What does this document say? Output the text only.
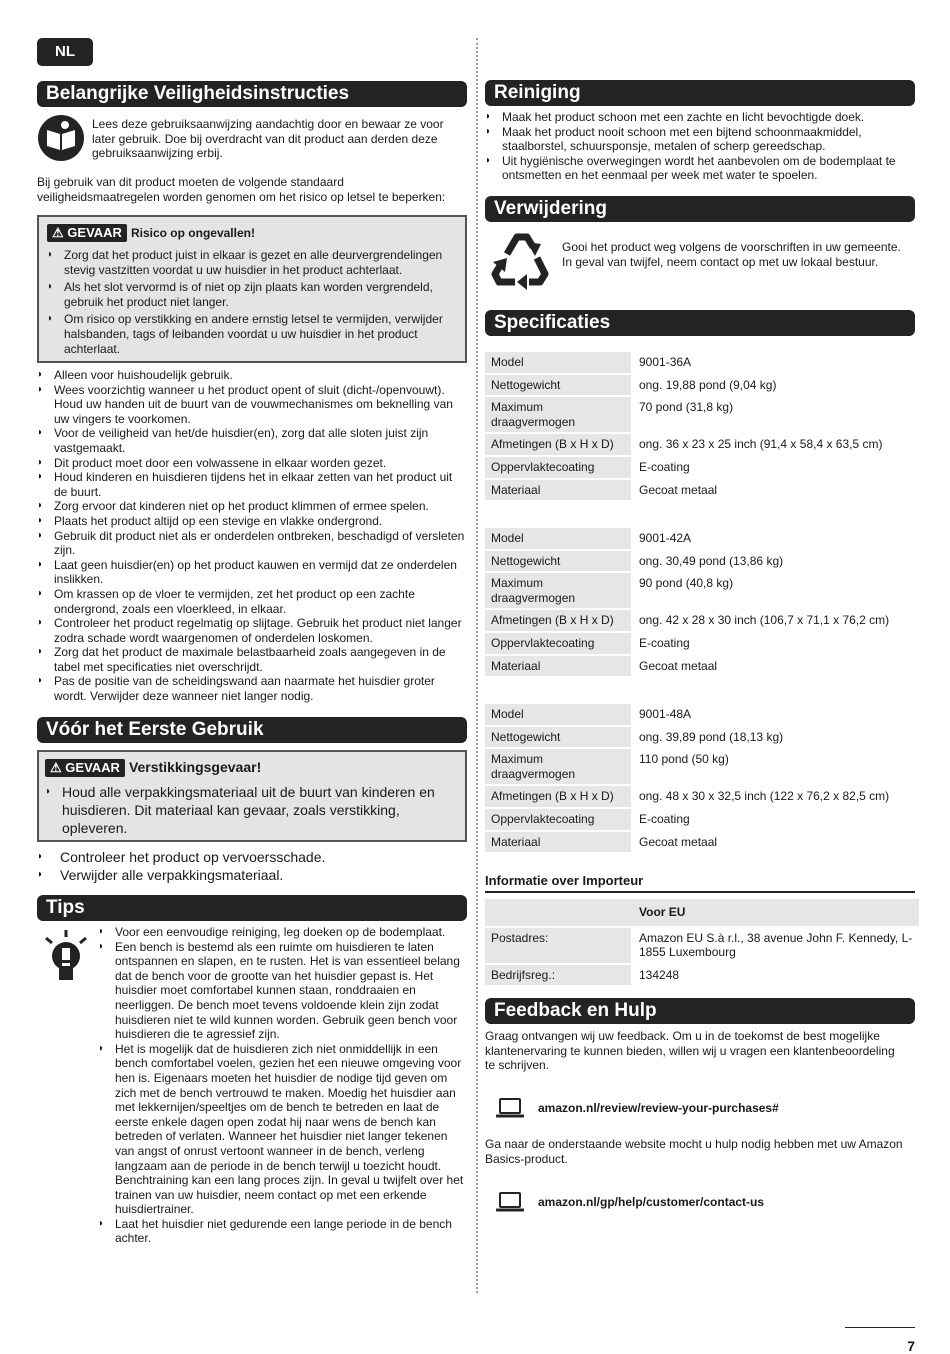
NL
Belangrijke Veiligheidsinstructies

Lees deze gebruiksaanwijzing aandachtig door en bewaar ze voor later gebruik. Doe bij overdracht van dit product aan derden deze gebruiksaanwijzing erbij.

Bij gebruik van dit product moeten de volgende standaard veiligheidsmaatregelen worden genomen om het risico op letsel te beperken:

⚠ GEVAAR Risico op ongevallen!
◗ Zorg dat het product juist in elkaar is gezet en alle deurvergrendelingen stevig vastzitten voordat u uw huisdier in het product achterlaat.
◗ Als het slot vervormd is of niet op zijn plaats kan worden vergrendeld, gebruik het product niet langer.
◗ Om risico op verstikking en andere ernstig letsel te vermijden, verwijder halsbanden, tags of leibanden voordat u uw huisdier in het product achterlaat.
◗ Alleen voor huishoudelijk gebruik.
◗ Wees voorzichtig wanneer u het product opent of sluit (dicht-/openvouwt). Houd uw handen uit de buurt van de vouwmechanismes om beknelling van uw vingers te voorkomen.
◗ Voor de veiligheid van het/de huisdier(en), zorg dat alle sloten juist zijn vastgemaakt.
◗ Dit product moet door een volwassene in elkaar worden gezet.
◗ Houd kinderen en huisdieren tijdens het in elkaar zetten van het product uit de buurt.
◗ Zorg ervoor dat kinderen niet op het product klimmen of ermee spelen.
◗ Plaats het product altijd op een stevige en vlakke ondergrond.
◗ Gebruik dit product niet als er onderdelen ontbreken, beschadigd of versleten zijn.
◗ Laat geen huisdier(en) op het product kauwen en vermijd dat ze onderdelen inslikken.
◗ Om krassen op de vloer te vermijden, zet het product op een zachte ondergrond, zoals een vloerkleed, in elkaar.
◗ Controleer het product regelmatig op slijtage. Gebruik het product niet langer zodra schade wordt waargenomen of onderdelen loskomen.
◗ Zorg dat het product de maximale belastbaarheid zoals aangegeven in de tabel met specificaties niet overschrijdt.
◗ Pas de positie van de scheidingswand aan naarmate het huisdier groter wordt. Verwijder deze wanneer niet langer nodig.
Vóór het Eerste Gebruik
⚠ GEVAAR Verstikkingsgevaar!
◗ Houd alle verpakkingsmateriaal uit de buurt van kinderen en huisdieren. Dit materiaal kan gevaar, zoals verstikking, opleveren.
◗ Controleer het product op vervoersschade.
◗ Verwijder alle verpakkingsmateriaal.
Tips
◗ Voor een eenvoudige reiniging, leg doeken op de bodemplaat.
◗ Een bench is bestemd als een ruimte om huisdieren te laten ontspannen en slapen, en te rusten. Het is van essentieel belang dat de bench voor de grootte van het huisdier gepast is. Het huisdier moet comfortabel kunnen staan, ronddraaien en neerliggen. De bench moet tevens voldoende klein zijn zodat huisdieren niet te wild kunnen worden. Gebruik geen bench voor huisdieren die te agressief zijn.
◗ Het is mogelijk dat de huisdieren zich niet onmiddellijk in een bench comfortabel voelen, gezien het een nieuwe omgeving voor hen is. Eigenaars moeten het huisdier de nodige tijd geven om zich met de bench vertrouwd te maken. Moedig het huisdier aan met lekkernijen/speeltjes om de bench te betreden en laat de eerste enkele dagen open zodat hij naar wens de bench kan betreden of verlaten. Wanneer het huisdier niet langer tekenen van angst of onrust vertoont wanneer in de bench, verleng langzaam aan de periode in de bench terwijl u toezicht houdt. Benchtraining kan een lang proces zijn. In geval u twijfelt over het trainen van uw huisdier, neem contact op met een erkende huisdiertrainer.
◗ Laat het huisdier niet gedurende een lange periode in de bench achter.
Reiniging
◗ Maak het product schoon met een zachte en licht bevochtigde doek.
◗ Maak het product nooit schoon met een bijtend schoonmaakmiddel, staalborstel, schuursponsje, metalen of scherp gereedschap.
◗ Uit hygiënische overwegingen wordt het aanbevolen om de bodemplaat te ontsmetten en het eenmaal per week met water te spoelen.
Verwijdering

Gooi het product weg volgens de voorschriften in uw gemeente. In geval van twijfel, neem contact op met uw lokaal bestuur.

Specificaties
Model	9001-36A
Nettogewicht	ong. 19,88 pond (9,04 kg)
Maximum draagvermogen	70 pond (31,8 kg)
Afmetingen (B x H x D)	ong. 36 x 23 x 25 inch (91,4 x 58,4 x 63,5 cm)
Oppervlaktecoating	E-coating
Materiaal	Gecoat metaal
Model	9001-42A
Nettogewicht	ong. 30,49 pond (13,86 kg)
Maximum draagvermogen	90 pond (40,8 kg)
Afmetingen (B x H x D)	ong. 42 x 28 x 30 inch (106,7 x 71,1 x 76,2 cm)
Oppervlaktecoating	E-coating
Materiaal	Gecoat metaal
Model	9001-48A
Nettogewicht	ong. 39,89 pond (18,13 kg)
Maximum draagvermogen	110 pond (50 kg)
Afmetingen (B x H x D)	ong. 48 x 30 x 32,5 inch (122 x 76,2 x 82,5 cm)
Oppervlaktecoating	E-coating
Materiaal	Gecoat metaal
Informatie over Importeur
	Voor EU
Postadres:	Amazon EU S.à r.l., 38 avenue John F. Kennedy, L-1855 Luxembourg
Bedrijfsreg.:	134248
Feedback en Hulp

Graag ontvangen wij uw feedback. Om u in de toekomst de best mogelijke klantenervaring te kunnen bieden, willen wij u vragen een klantenbeoordeling te schrijven.

amazon.nl/review/review-your-purchases#

Ga naar de onderstaande website mocht u hulp nodig hebben met uw Amazon Basics-product.

amazon.nl/gp/help/customer/contact-us
7
